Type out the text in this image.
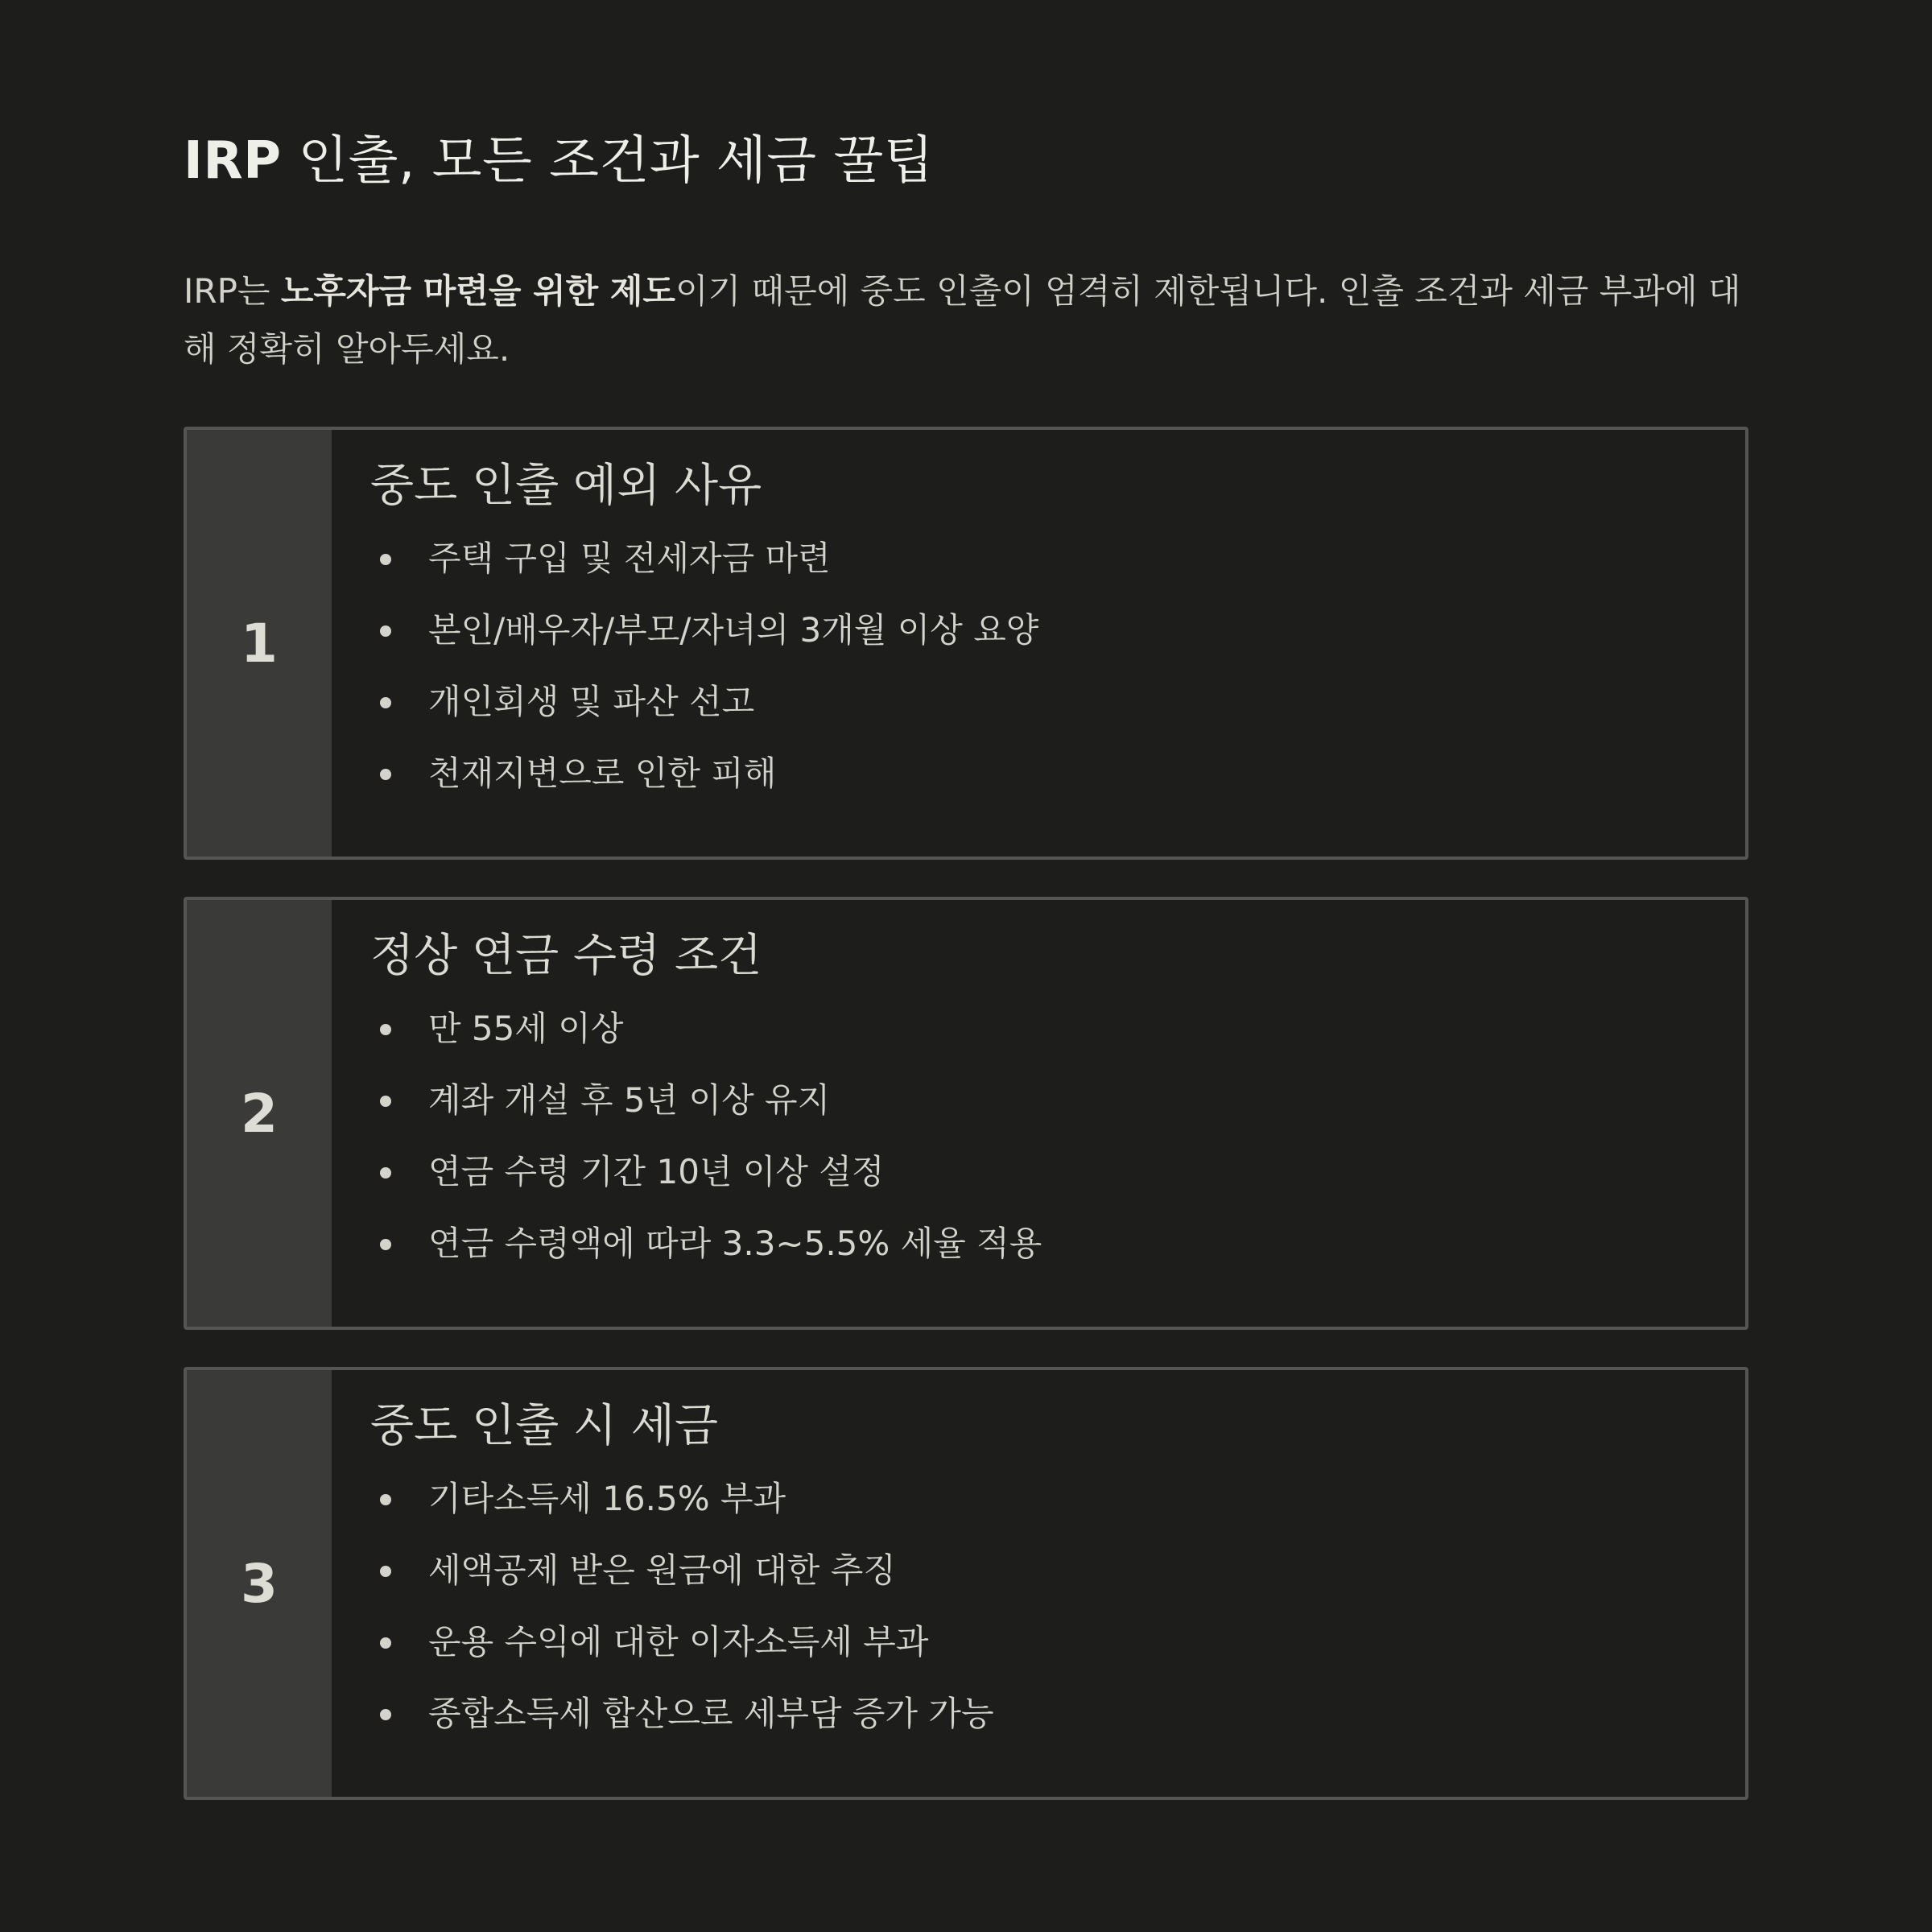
IRP 인출, 모든 조건과 세금 꿀팁

IRP는 노후자금 마련을 위한 제도이기 때문에 중도 인출이 엄격히 제한됩니다. 인출 조건과 세금 부과에 대해 정확히 알아두세요.

1
중도 인출 예외 사유
주택 구입 및 전세자금 마련
본인/배우자/부모/자녀의 3개월 이상 요양
개인회생 및 파산 선고
천재지변으로 인한 피해
2
정상 연금 수령 조건
만 55세 이상
계좌 개설 후 5년 이상 유지
연금 수령 기간 10년 이상 설정
연금 수령액에 따라 3.3~5.5% 세율 적용
3
중도 인출 시 세금
기타소득세 16.5% 부과
세액공제 받은 원금에 대한 추징
운용 수익에 대한 이자소득세 부과
종합소득세 합산으로 세부담 증가 가능
